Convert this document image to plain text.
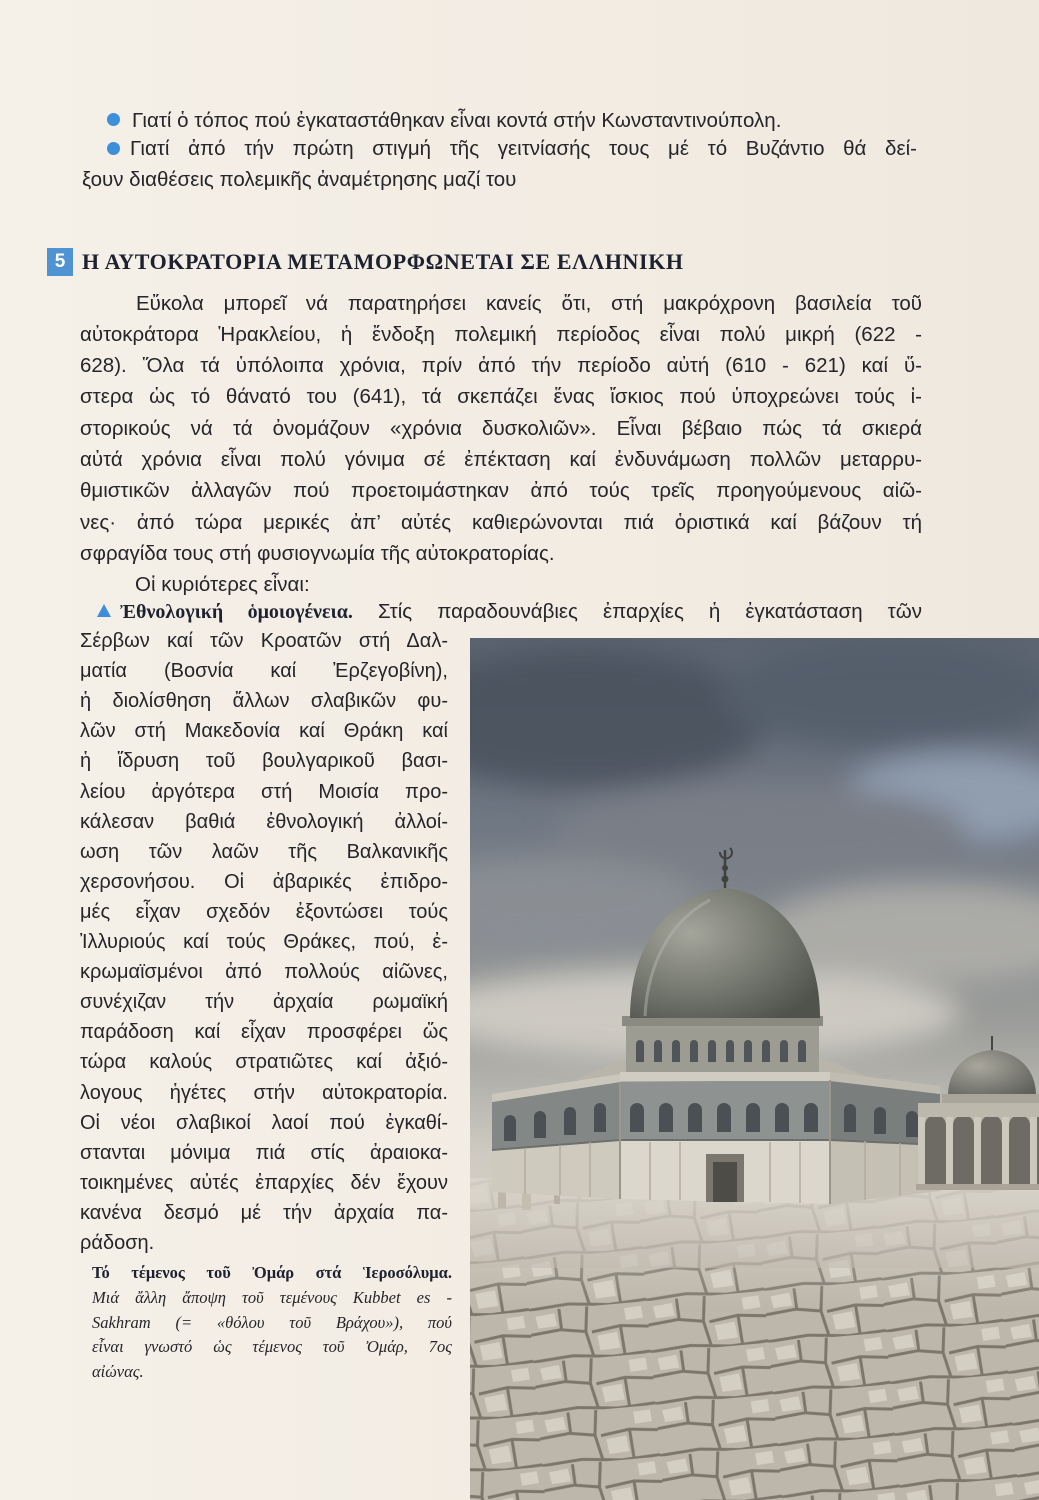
Γιατί ὁ τόπος πού ἐγκαταστάθηκαν εἶναι κοντά στήν Κωνσταντινούπολη.
Γιατί ἀπό τήν πρώτη στιγμή τῆς γειτνίασής τους μέ τό Βυζάντιο θά δεί-
ξουν διαθέσεις πολεμικῆς ἀναμέτρησης μαζί του
5 Η ΑΥΤΟΚΡΑΤΟΡΙΑ ΜΕΤΑΜΟΡΦΩΝΕΤΑΙ ΣΕ ΕΛΛΗΝΙΚΗ
Οἱ κυριότερες εἶναι:
Ἐθνολογική ὁμοιογένεια. Στίς παραδουνάβιες ἐπαρχίες ἡ ἐγκατάσταση τῶν
Τό τέμενος τοῦ Ὀμάρ στά Ἱεροσόλυμα.
Εὔκολα μπορεῖ νά παρατηρήσει κανείς ὅτι, στή μακρόχρονη βασιλεία τοῦ
αὐτοκράτορα Ἡρακλείου, ἡ ἔνδοξη πολεμική περίοδος εἶναι πολύ μικρή (622 -
628). Ὅλα τά ὑπόλοιπα χρόνια, πρίν ἀπό τήν περίοδο αὐτή (610 - 621) καί ὕ-
στερα ὡς τό θάνατό του (641), τά σκεπάζει ἕνας ἴσκιος πού ὑποχρεώνει τούς ἰ-
στορικούς νά τά ὀνομάζουν «χρόνια δυσκολιῶν». Εἶναι βέβαιο πώς τά σκιερά
αὐτά χρόνια εἶναι πολύ γόνιμα σέ ἐπέκταση καί ἐνδυνάμωση πολλῶν μεταρρυ-
θμιστικῶν ἀλλαγῶν πού προετοιμάστηκαν ἀπό τούς τρεῖς προηγούμενους αἰῶ-
νες· ἀπό τώρα μερικές ἀπ’ αὐτές καθιερώνονται πιά ὁριστικά καί βάζουν τή
σφραγίδα τους στή φυσιογνωμία τῆς αὐτοκρατορίας.
Σέρβων καί τῶν Κροατῶν στή Δαλ-
ματία (Βοσνία καί Ἐρζεγοβίνη),
ἡ διολίσθηση ἄλλων σλαβικῶν φυ-
λῶν στή Μακεδονία καί Θράκη καί
ἡ ἵδρυση τοῦ βουλγαρικοῦ βασι-
λείου ἀργότερα στή Μοισία προ-
κάλεσαν βαθιά ἐθνολογική ἀλλοί-
ωση τῶν λαῶν τῆς Βαλκανικῆς
χερσονήσου. Οἱ ἀβαρικές ἐπιδρο-
μές εἶχαν σχεδόν ἐξοντώσει τούς
Ἰλλυριούς καί τούς Θράκες, πού, ἐ-
κρωμαϊσμένοι ἀπό πολλούς αἰῶνες,
συνέχιζαν τήν ἀρχαία ρωμαϊκή
παράδοση καί εἶχαν προσφέρει ὥς
τώρα καλούς στρατιῶτες καί ἀξιό-
λογους ἡγέτες στήν αὐτοκρατορία.
Οἱ νέοι σλαβικοί λαοί πού ἐγκαθί-
στανται μόνιμα πιά στίς ἀραιοκα-
τοικημένες αὐτές ἐπαρχίες δέν ἔχουν
κανένα δεσμό μέ τήν ἀρχαία πα-
ράδοση.
Μιά ἄλλη ἄποψη τοῦ τεμένους Kubbet es -
Sakhram (= «θόλου τοῦ Βράχου»), πού
εἶναι γνωστό ὡς τέμενος τοῦ Ὀμάρ, 7ος
αἰώνας.
